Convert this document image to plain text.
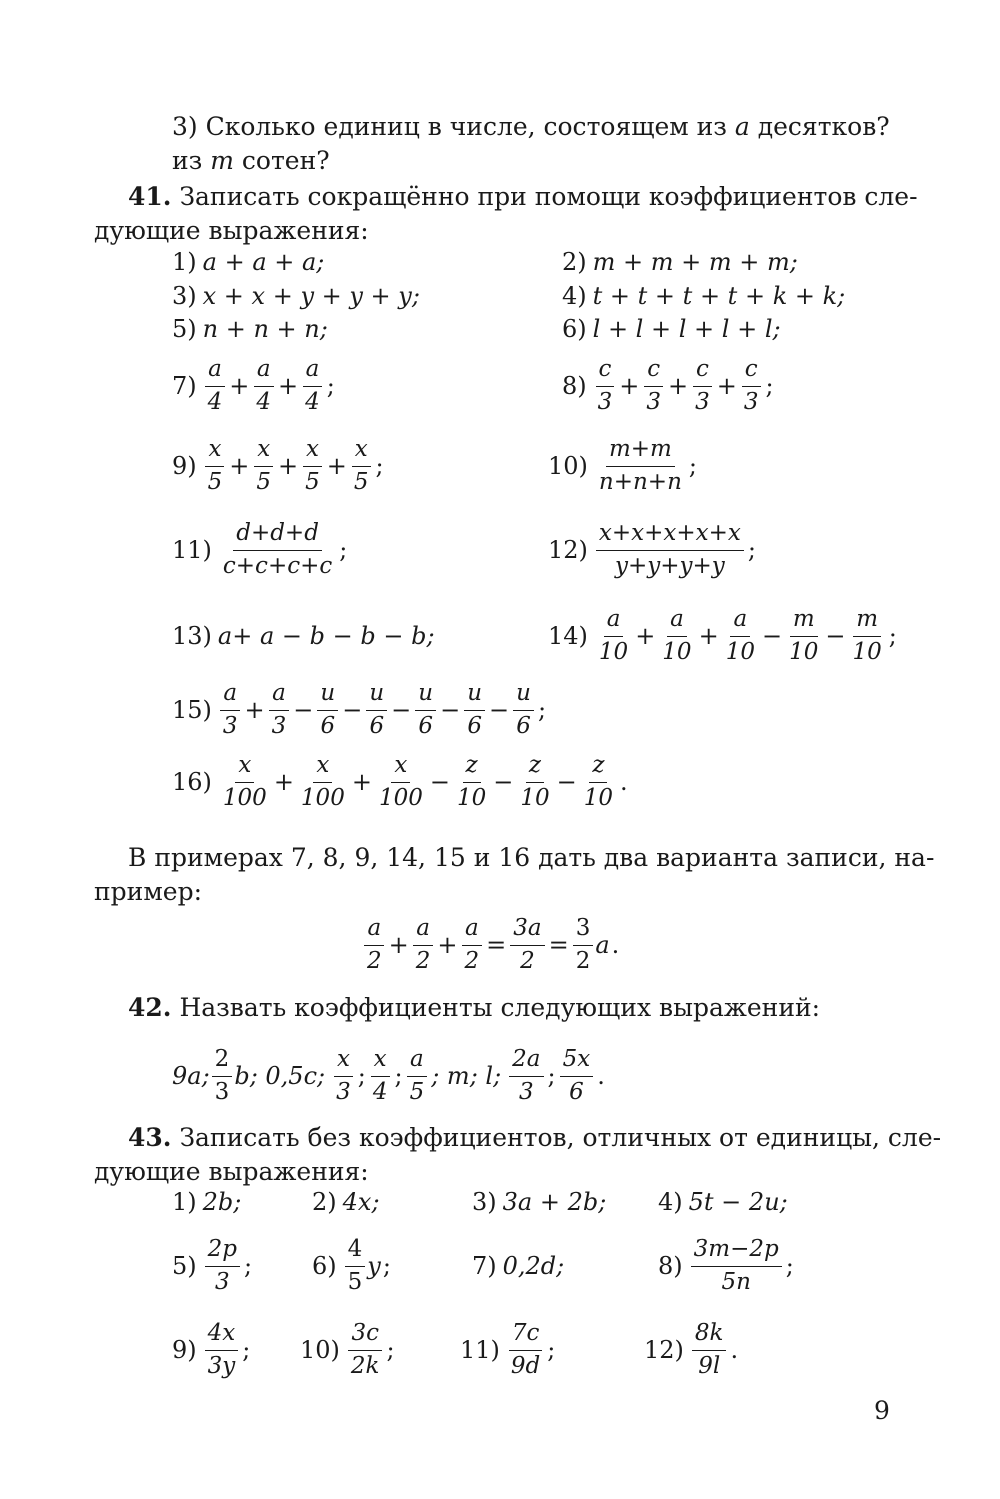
3) Сколько единиц в числе, состоящем из a десятков?
из m сотен?
41. Записать сокращённо при помощи коэффициентов сле-
дующие выражения:
1) a + a + a;	2) m + m + m + m;
3) x + x + y + y + y;	4) t + t + t + t + k + k;
5) n + n + n;	6) l + l + l + l + l;
$7) \frac{a}{4} + \frac{a}{4} + \frac{a}{4}$ ;	$8) \frac{c}{3} + \frac{c}{3} + \frac{c}{3} + \frac{c}{3}$ ;
$9) \frac{x}{5} + \frac{x}{5} + \frac{x}{5} + \frac{x}{5}$ ;	$10) \frac{m+m}{n+n+n}$ ;
$11) \frac{d+d+d}{c+c+c+c}$ ;	$12) \frac{x+x+x+x+x}{y+y+y+y}$ ;
13) a+ a − b − b − b;	$14) \frac{a}{10} + \frac{a}{10} + \frac{a}{10} - \frac{m}{10} - \frac{m}{10}$ ;
$15) \frac{a}{3} + \frac{a}{3} - \frac{u}{6} - \frac{u}{6} - \frac{u}{6} - \frac{u}{6} - \frac{u}{6}$ ;
$16) \frac{x}{100} + \frac{x}{100} + \frac{x}{100} - \frac{z}{10} - \frac{z}{10} - \frac{z}{10}$ .
В примерах 7, 8, 9, 14, 15 и 16 дать два варианта записи, на-
пример:
$\frac{a}{2} + \frac{a}{2} + \frac{a}{2} = \frac{3a}{2} = \frac{3}{2}$ a .
42. Назвать коэффициенты следующих выражений:
9a; $\frac{2}{3}$ b ; 0,5c; $\frac{x}{3}$ ; $\frac{x}{4}$ ; $\frac{a}{5}$ ; m; l; $\frac{2a}{3}$ ; $\frac{5x}{6}$ .
43. Записать без коэффициентов, отличных от единицы, сле-
дующие выражения:
1) 2b;	2) 4x;	3) 3a + 2b; 4) 5t − 2u;
$5) \frac{2p}{3}$ ; $6) \frac{4}{5}$ y ;	7) 0,2d;	$8) \frac{3m-2p}{5n}$ ;
$9) \frac{4x}{3y}$ ; $10) \frac{3c}{2k}$ ;	$11) \frac{7c}{9d}$ ;	$12) \frac{8k}{9l}$ .
9
